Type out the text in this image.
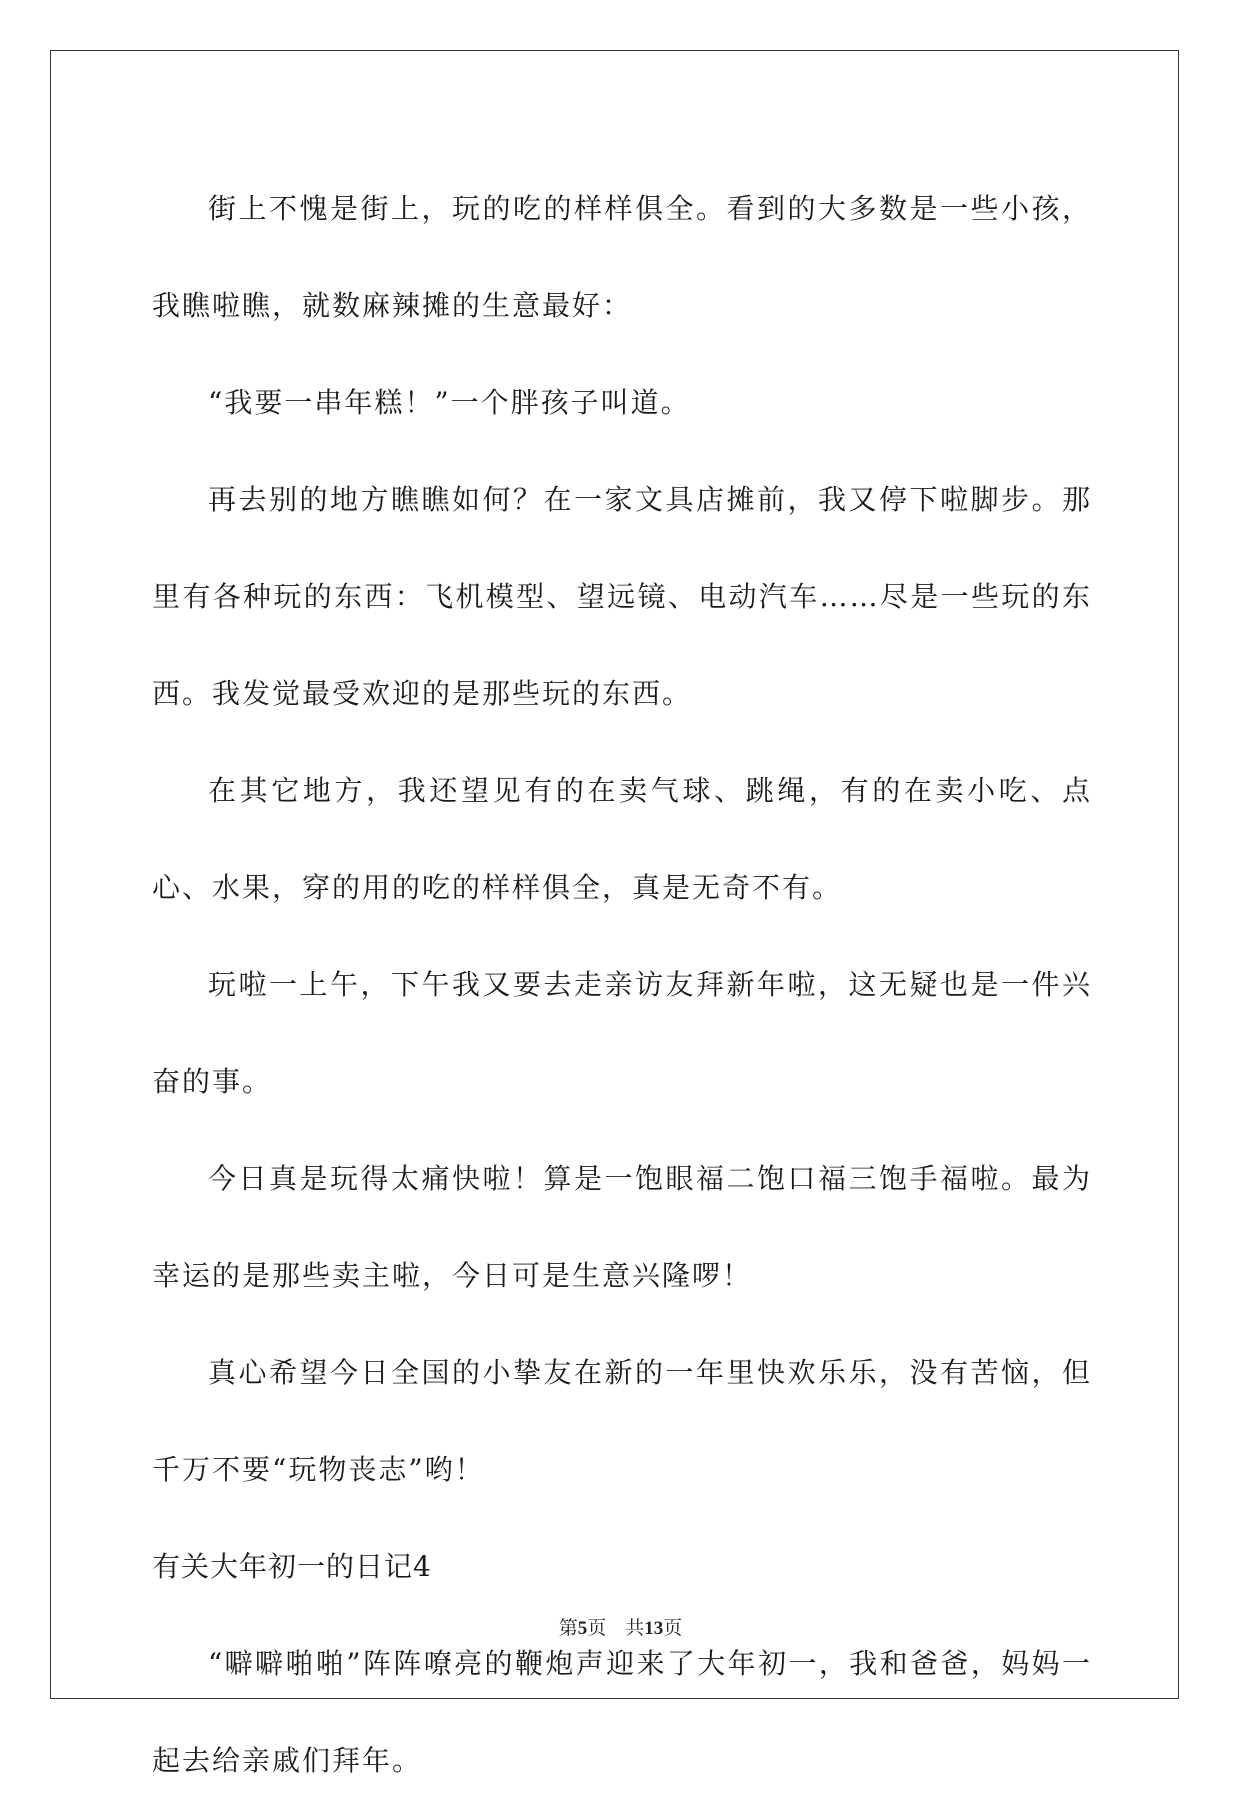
街上不愧是街上，玩的吃的样样俱全。看到的大多数是一些小孩，我瞧啦瞧，就数麻辣摊的生意最好：

“我要一串年糕！”一个胖孩子叫道。

再去别的地方瞧瞧如何？在一家文具店摊前，我又停下啦脚步。那里有各种玩的东西：飞机模型、望远镜、电动汽车……尽是一些玩的东西。我发觉最受欢迎的是那些玩的东西。

在其它地方，我还望见有的在卖气球、跳绳，有的在卖小吃、点心、水果，穿的用的吃的样样俱全，真是无奇不有。

玩啦一上午，下午我又要去走亲访友拜新年啦，这无疑也是一件兴奋的事。

今日真是玩得太痛快啦！算是一饱眼福二饱口福三饱手福啦。最为幸运的是那些卖主啦，今日可是生意兴隆啰！

真心希望今日全国的小挚友在新的一年里快欢乐乐，没有苦恼，但千万不要“玩物丧志”哟！

有关大年初一的日记4

“噼噼啪啪”阵阵嘹亮的鞭炮声迎来了大年初一，我和爸爸，妈妈一起去给亲戚们拜年。

第5页　共13页
